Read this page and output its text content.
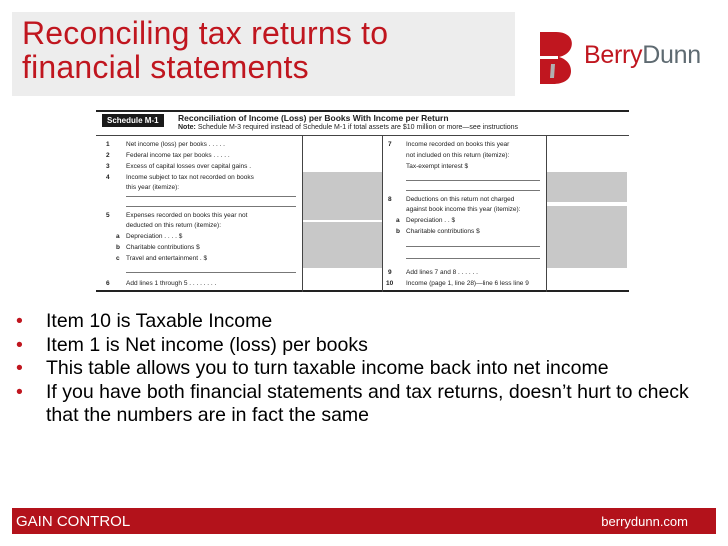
Reconciling tax returns to
financial statements	BerryDunn
Schedule M-1	Reconciliation of Income (Loss) per Books With Income per Return
Note: Schedule M-3 required instead of Schedule M-1 if total assets are $10 million or more—see instructions
1	Net income (loss) per books . . . . .
2	Federal income tax per books . . . . .
3	Excess of capital losses over capital gains .
4	Income subject to tax not recorded on books
this year (itemize):
5	Expenses recorded on books this year not
deducted on this return (itemize):
a Depreciation . . . . $
b Charitable contributions $
c Travel and entertainment . $
6	Add lines 1 through 5 . . . . . . . .
7 Income recorded on books this year
not included on this return (itemize):
Tax-exempt interest $
8 Deductions on this return not charged
against book income this year (itemize):
a Depreciation . . $
b Charitable contributions $
9 Add lines 7 and 8 . . . . . .
10 Income (page 1, line 28)—line 6 less line 9
• Item 10 is Taxable Income
• Item 1 is Net income (loss) per books
• This table allows you to turn taxable income back into net income
• If you have both financial statements and tax returns, doesn’t hurt to check that the numbers are in fact the same
GAIN CONTROL	berrydunn.com
